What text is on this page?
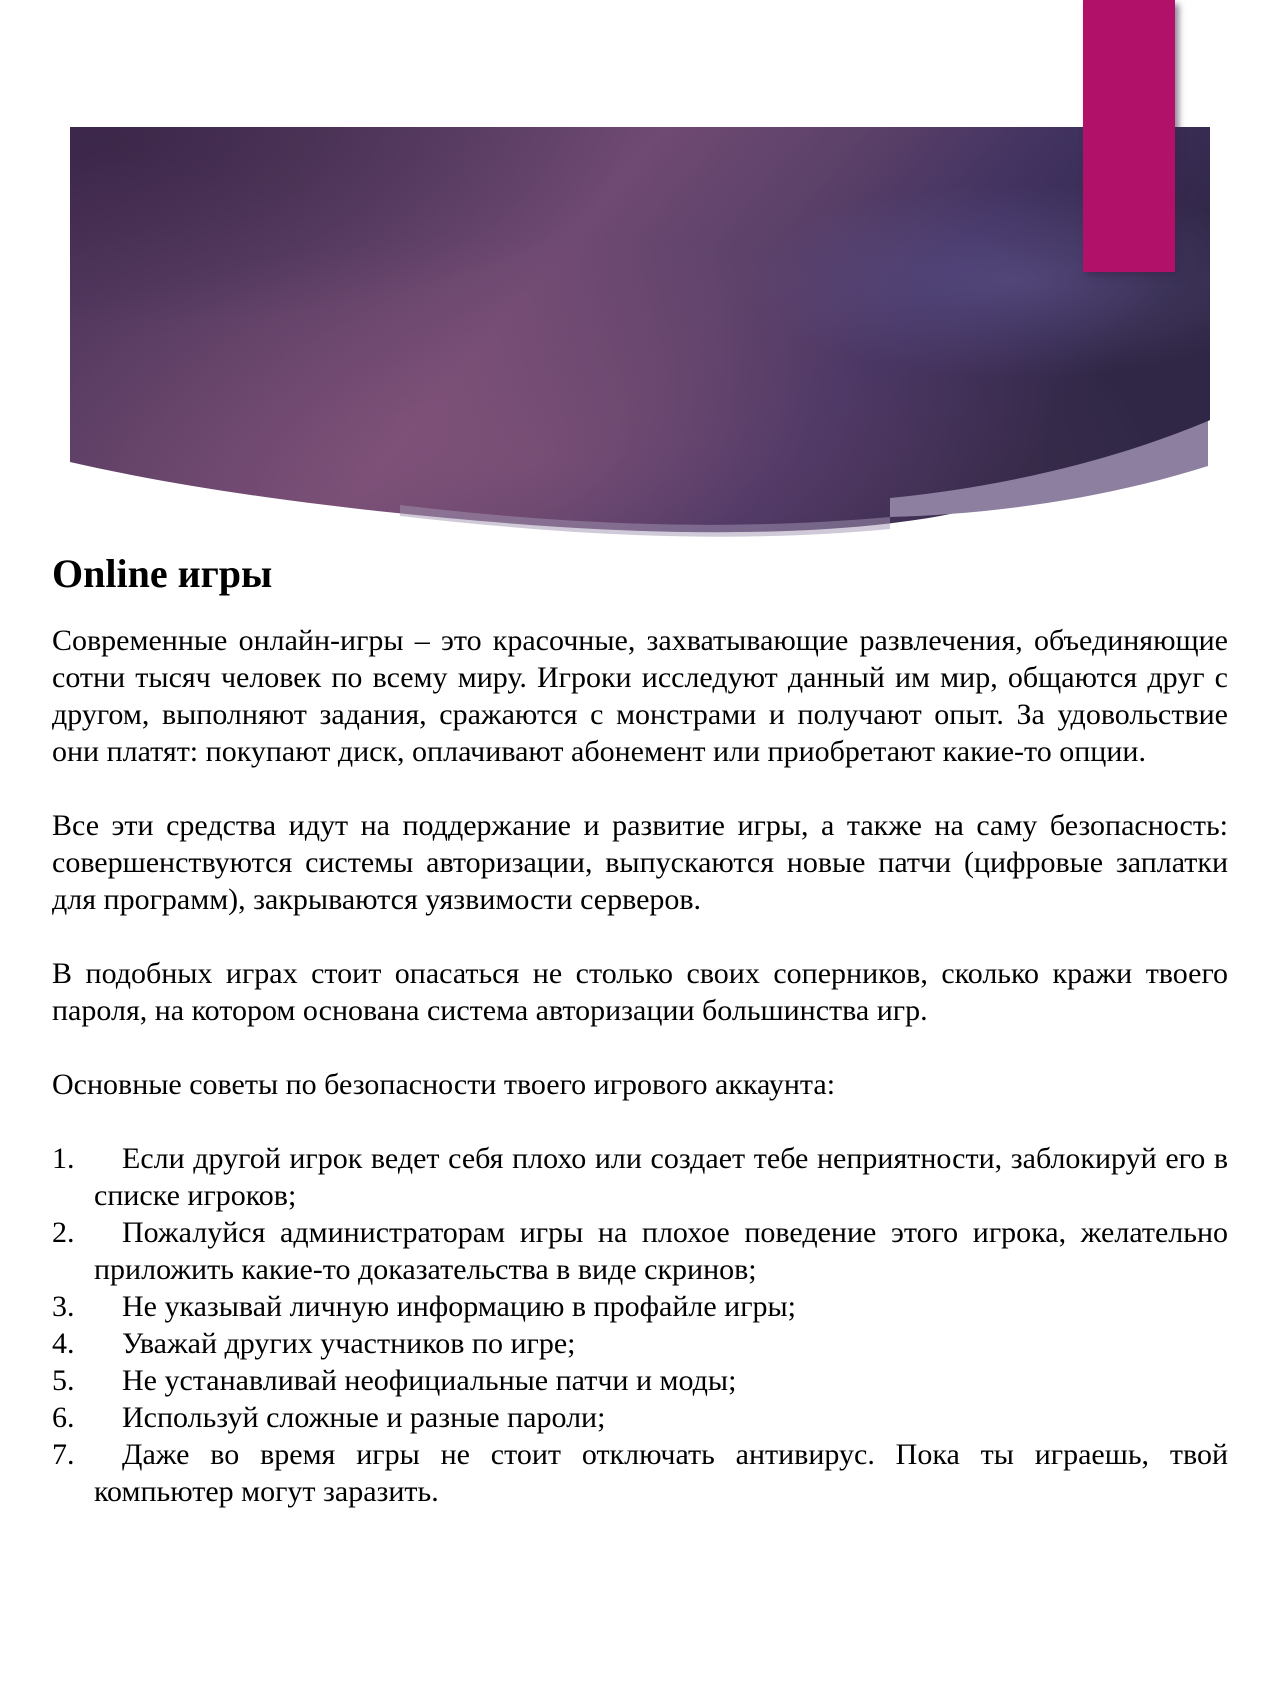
Online игры

Современные онлайн-игры – это красочные, захватывающие развлечения, объединяющие сотни тысяч человек по всему миру. Игроки исследуют данный им мир, общаются друг с другом, выполняют задания, сражаются с монстрами и получают опыт. За удовольствие они платят: покупают диск, оплачивают абонемент или приобретают какие-то опции.

Все эти средства идут на поддержание и развитие игры, а также на саму безопасность: совершенствуются системы авторизации, выпускаются новые патчи (цифровые заплатки для программ), закрываются уязвимости серверов.

В подобных играх стоит опасаться не столько своих соперников, сколько кражи твоего пароля, на котором основана система авторизации большинства игр.

Основные советы по безопасности твоего игрового аккаунта:

1.	Если другой игрок ведет себя плохо или создает тебе неприятности, заблокируй его в списке игроков;
2.	Пожалуйся администраторам игры на плохое поведение этого игрока, желательно приложить какие-то доказательства в виде скринов;
3.	Не указывай личную информацию в профайле игры;
4.	Уважай других участников по игре;
5.	Не устанавливай неофициальные патчи и моды;
6.	Используй сложные и разные пароли;
7.	Даже во время игры не стоит отключать антивирус. Пока ты играешь, твой компьютер могут заразить.
